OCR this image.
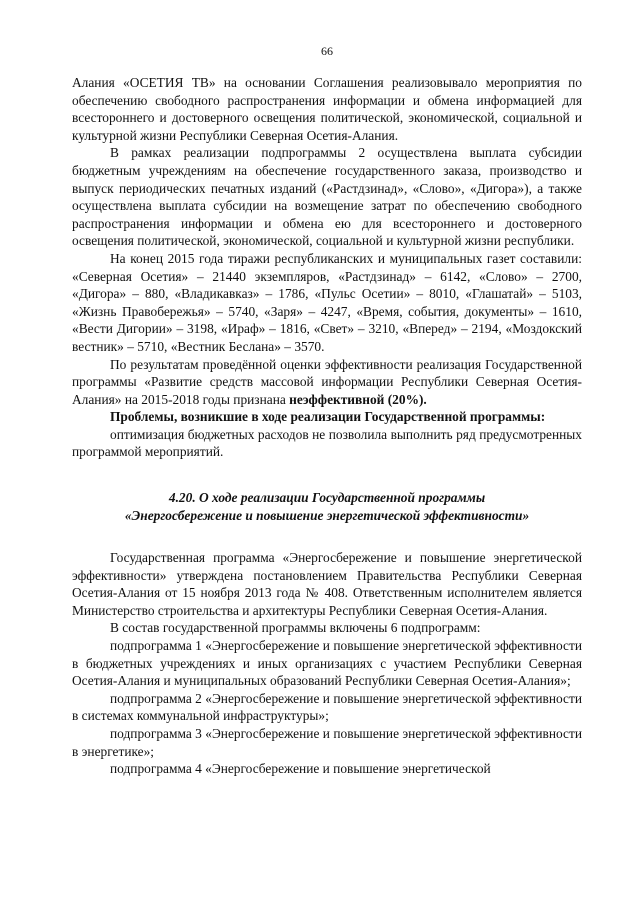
66

Алания «ОСЕТИЯ ТВ» на основании Соглашения реализовывало мероприятия по обеспечению свободного распространения информации и обмена информацией для всестороннего и достоверного освещения политической, экономической, социальной и культурной жизни Республики Северная Осетия-Алания.

В рамках реализации подпрограммы 2 осуществлена выплата субсидии бюджетным учреждениям на обеспечение государственного заказа, производство и выпуск периодических печатных изданий («Растдзинад», «Слово», «Дигора»), а также осуществлена выплата субсидии на возмещение затрат по обеспечению свободного распространения информации и обмена ею для всестороннего и достоверного освещения политической, экономической, социальной и культурной жизни республики.

На конец 2015 года тиражи республиканских и муниципальных газет составили: «Северная Осетия» – 21440 экземпляров, «Растдзинад» – 6142, «Слово» – 2700, «Дигора» – 880, «Владикавказ» – 1786, «Пульс Осетии» – 8010, «Глашатай» – 5103, «Жизнь Правобережья» – 5740, «Заря» – 4247, «Время, события, документы» – 1610, «Вести Дигории» – 3198, «Ираф» – 1816, «Свет» – 3210, «Вперед» – 2194, «Моздокский вестник» – 5710, «Вестник Беслана» – 3570.

По результатам проведённой оценки эффективности реализация Государственной программы «Развитие средств массовой информации Республики Северная Осетия-Алания» на 2015-2018 годы признана неэффективной (20%).

Проблемы, возникшие в ходе реализации Государственной программы:

оптимизация бюджетных расходов не позволила выполнить ряд предусмотренных программой мероприятий.

4.20. О ходе реализации Государственной программы
«Энергосбережение и повышение энергетической эффективности»

Государственная программа «Энергосбережение и повышение энергетической эффективности» утверждена постановлением Правительства Республики Северная Осетия-Алания от 15 ноября 2013 года № 408. Ответственным исполнителем является Министерство строительства и архитектуры Республики Северная Осетия-Алания.

В состав государственной программы включены 6 подпрограмм:

подпрограмма 1 «Энергосбережение и повышение энергетической эффективности в бюджетных учреждениях и иных организациях с участием Республики Северная Осетия-Алания и муниципальных образований Республики Северная Осетия-Алания»;

подпрограмма 2 «Энергосбережение и повышение энергетической эффективности в системах коммунальной инфраструктуры»;

подпрограмма 3 «Энергосбережение и повышение энергетической эффективности в энергетике»;

подпрограмма 4 «Энергосбережение и повышение энергетической
